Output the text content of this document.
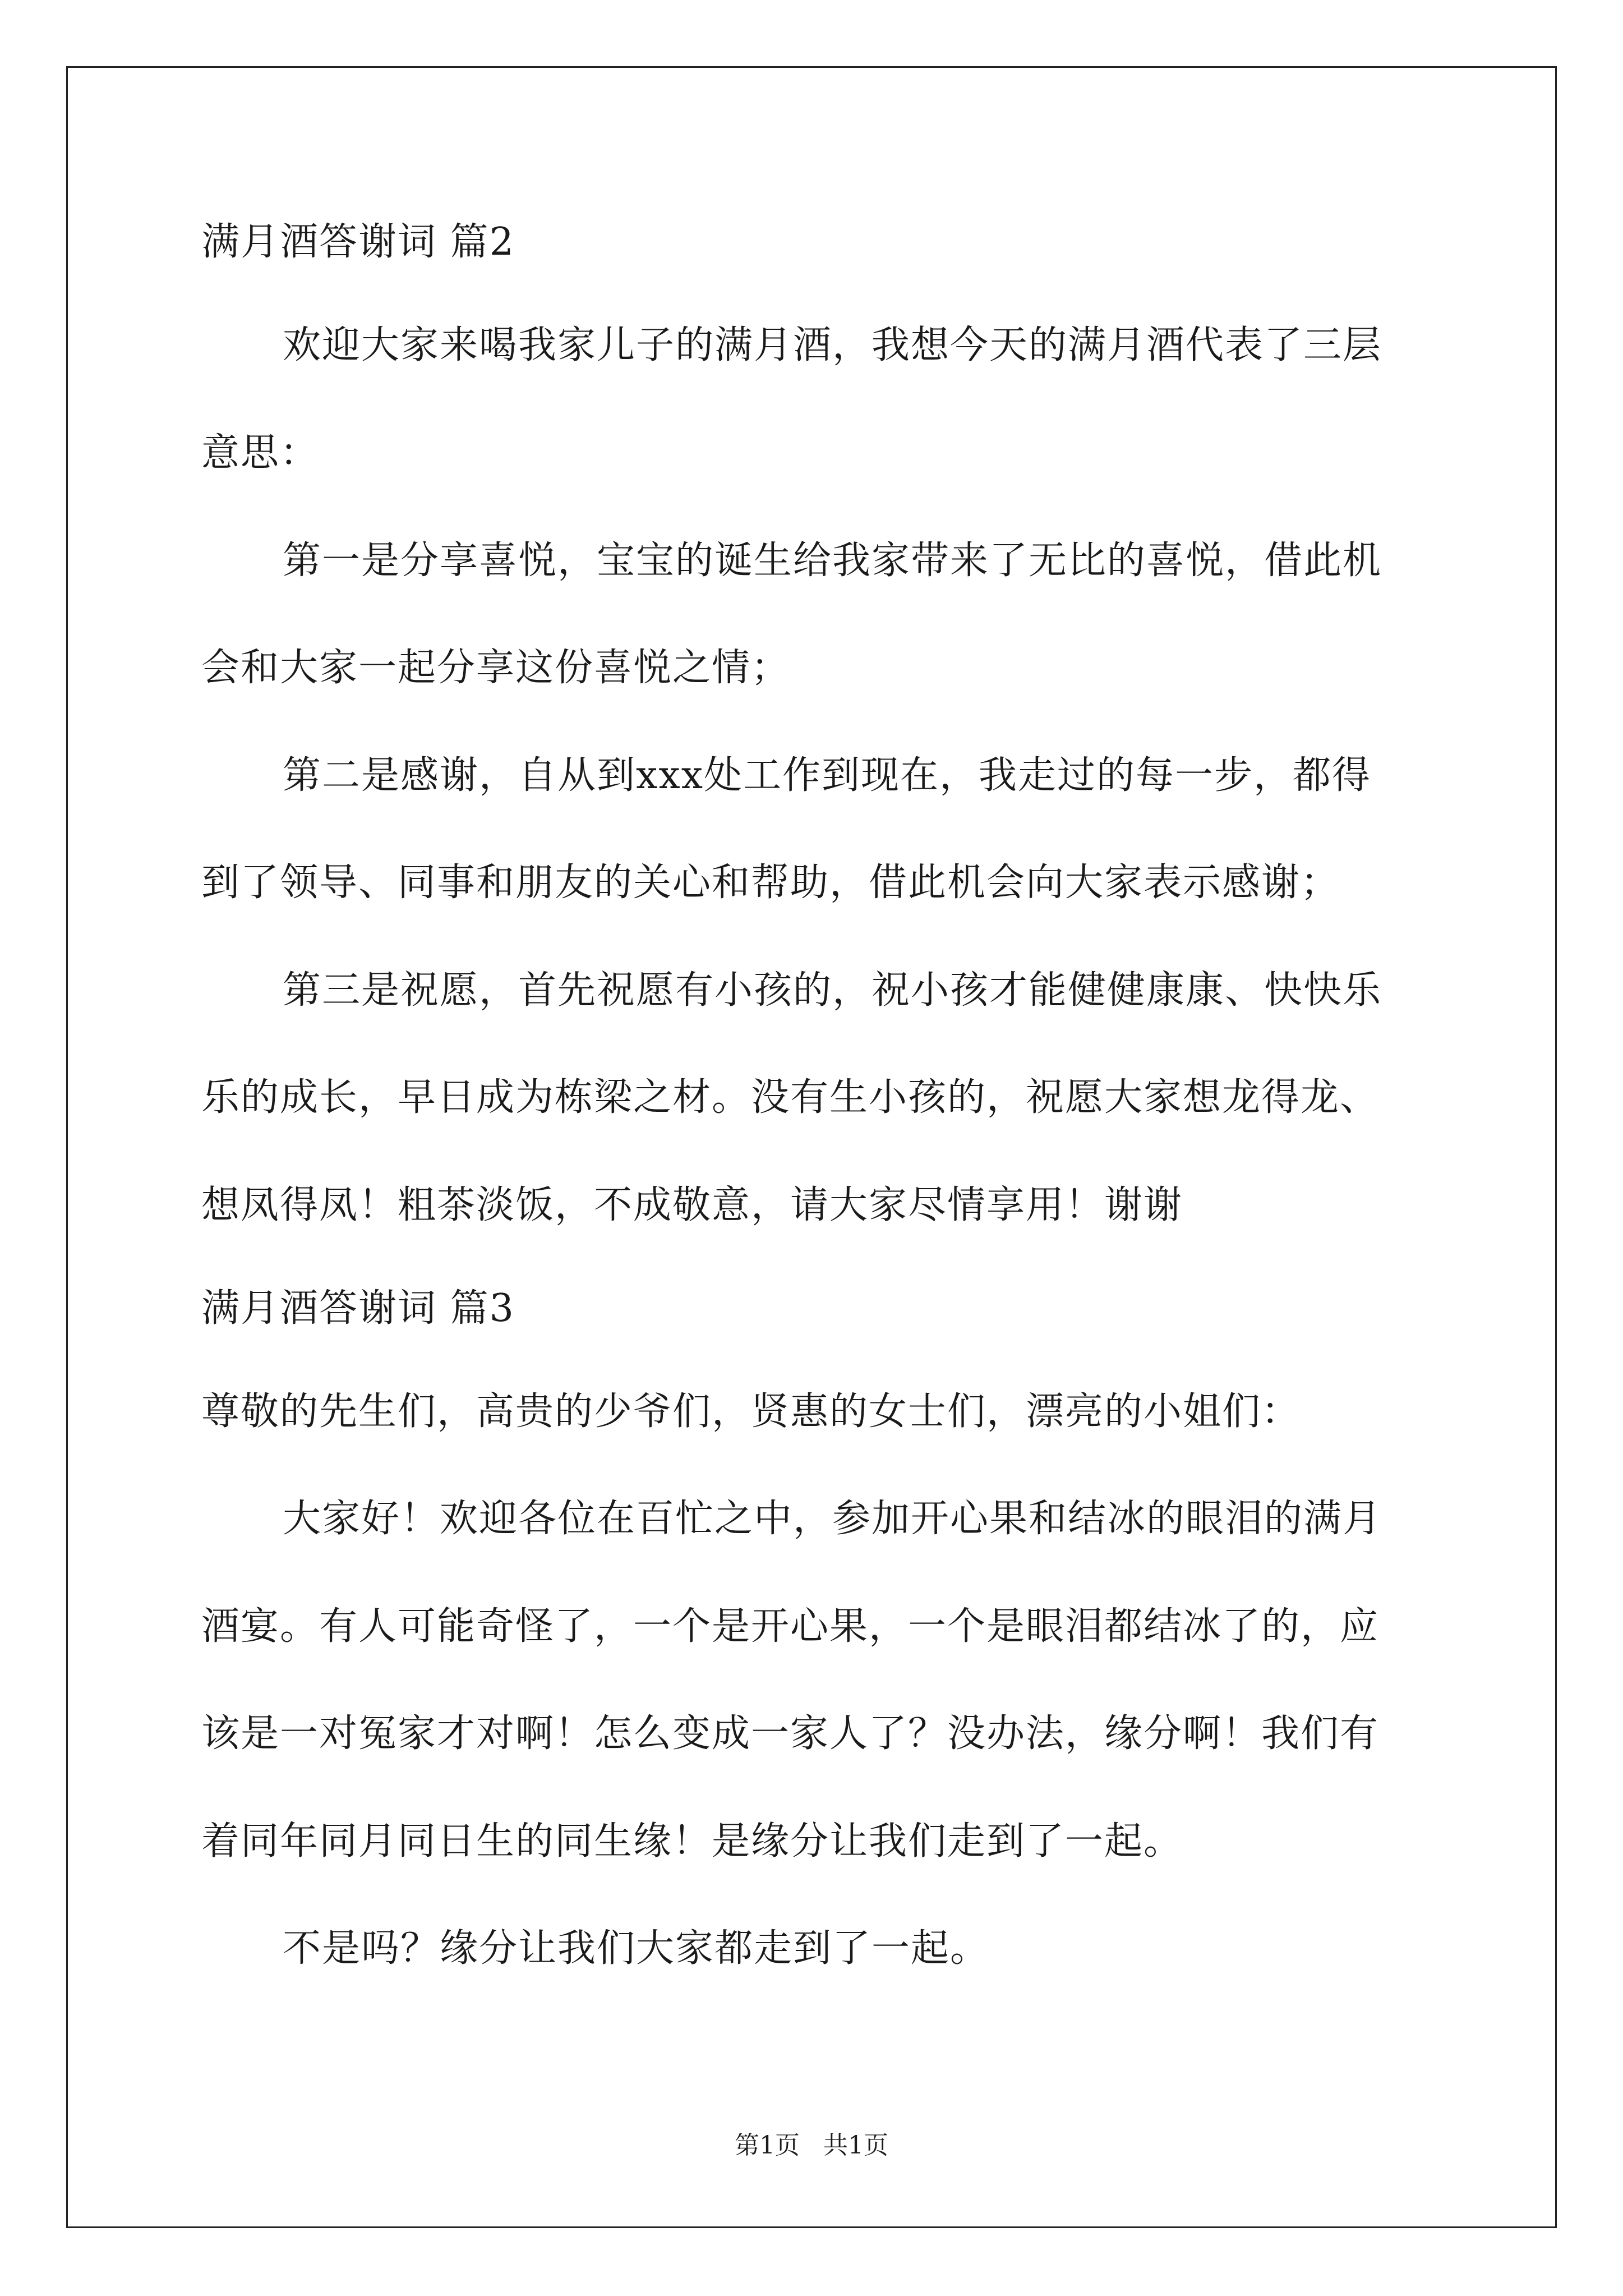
满月酒答谢词 篇2

欢迎大家来喝我家儿子的满月酒，我想今天的满月酒代表了三层

意思：

第一是分享喜悦，宝宝的诞生给我家带来了无比的喜悦，借此机

会和大家一起分享这份喜悦之情；

第二是感谢，自从到xxx处工作到现在，我走过的每一步，都得

到了领导、同事和朋友的关心和帮助，借此机会向大家表示感谢；

第三是祝愿，首先祝愿有小孩的，祝小孩才能健健康康、快快乐

乐的成长，早日成为栋梁之材。没有生小孩的，祝愿大家想龙得龙、

想凤得凤！粗茶淡饭，不成敬意，请大家尽情享用！谢谢

满月酒答谢词 篇3

尊敬的先生们，高贵的少爷们，贤惠的女士们，漂亮的小姐们：

大家好！欢迎各位在百忙之中，参加开心果和结冰的眼泪的满月

酒宴。有人可能奇怪了，一个是开心果，一个是眼泪都结冰了的，应

该是一对冤家才对啊！怎么变成一家人了？没办法，缘分啊！我们有

着同年同月同日生的同生缘！是缘分让我们走到了一起。

不是吗？缘分让我们大家都走到了一起。

第1页   共1页
